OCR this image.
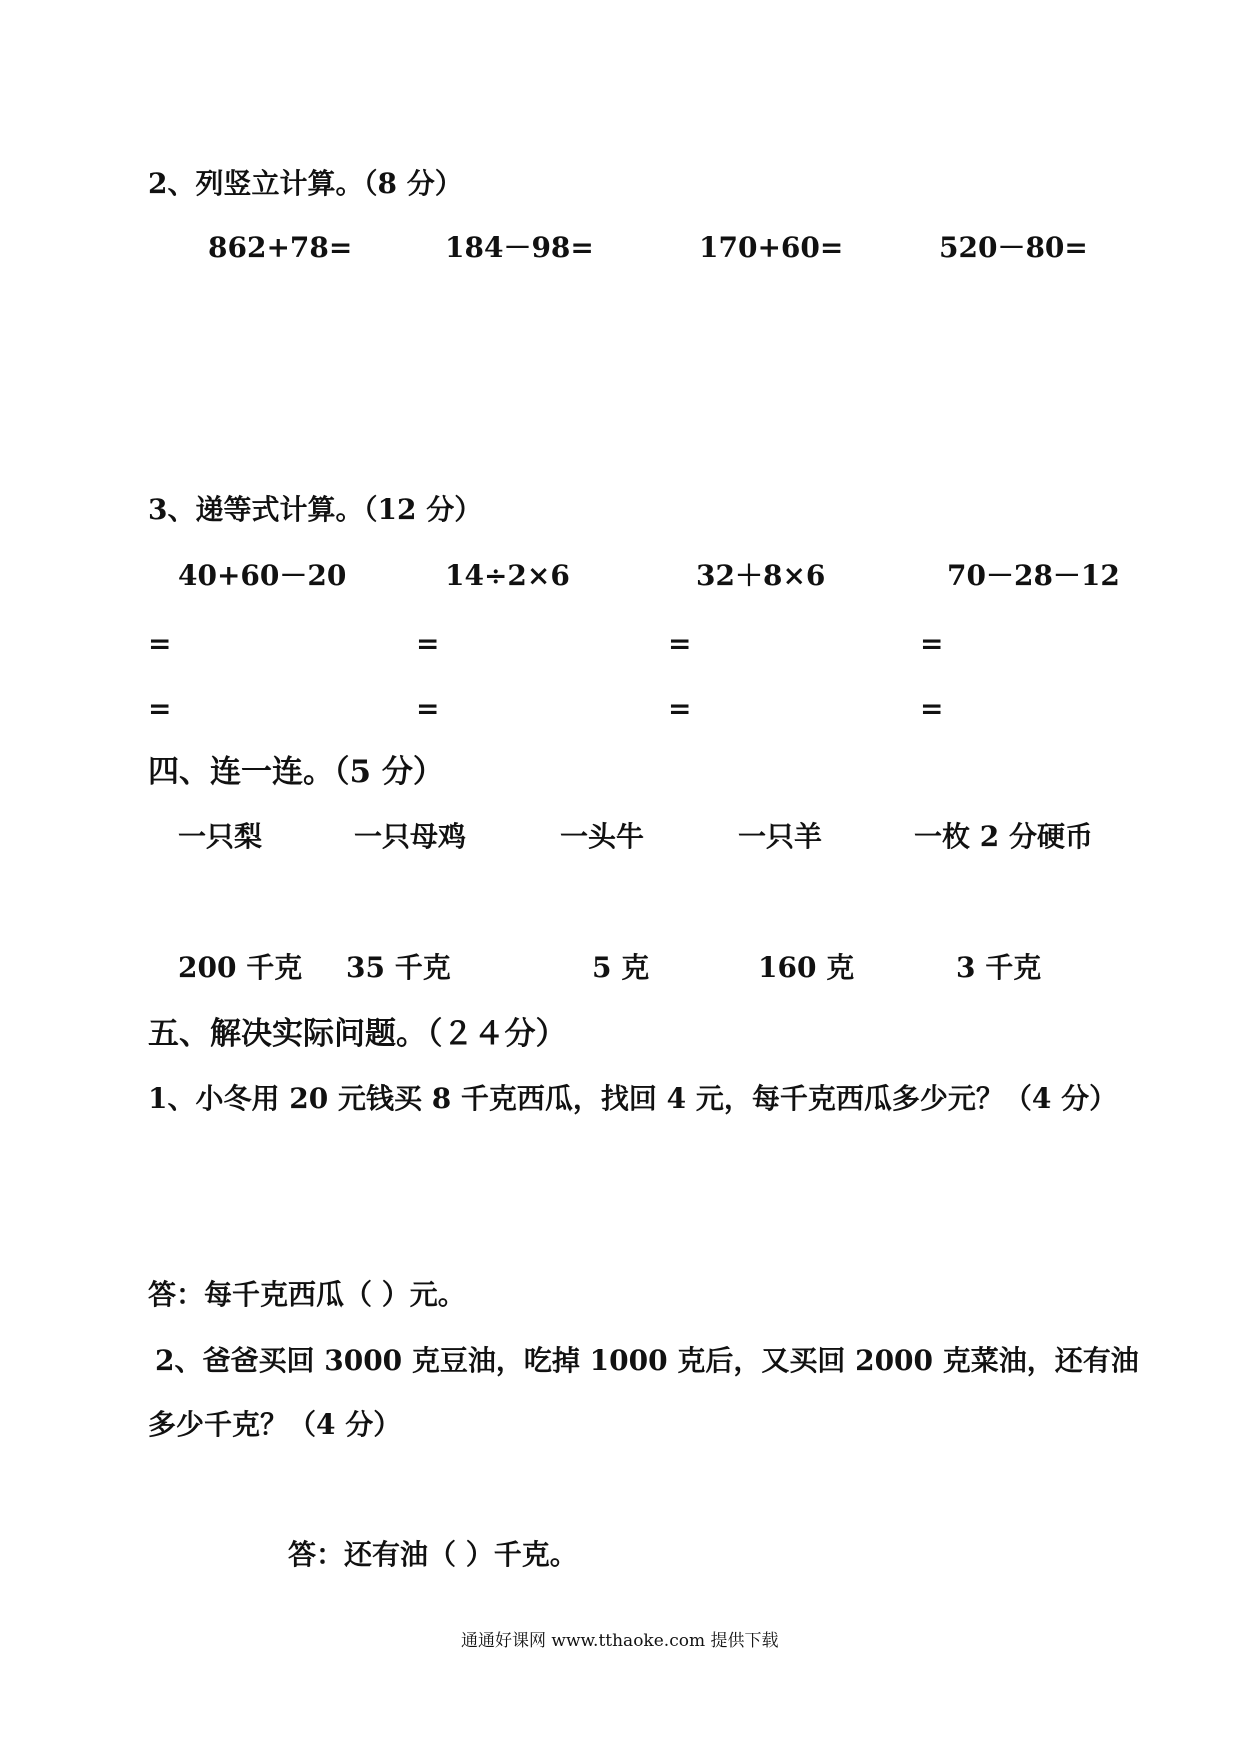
2、列竖立计算。（8 分）
862+78=	184－98=	170+60=	520－80=
3、递等式计算。（12 分）
40+60－20	14÷2×6	32＋8×6	70－28－12
=	=	=	=
=	=	=	=
四、连一连。（5 分）
一只梨	一只母鸡	一头牛	一只羊	一枚 2 分硬币
200 千克 35 千克	5 克	160 克	3 千克
五、解决实际问题。（２４分）
1、小冬用 20 元钱买 8 千克西瓜，找回 4 元，每千克西瓜多少元？（4 分）
答：每千克西瓜（ ）元。
2、爸爸买回 3000 克豆油，吃掉 1000 克后，又买回 2000 克菜油，还有油
多少千克？（4 分）
答：还有油（ ）千克。
通通好课网 www.tthaoke.com 提供下载
